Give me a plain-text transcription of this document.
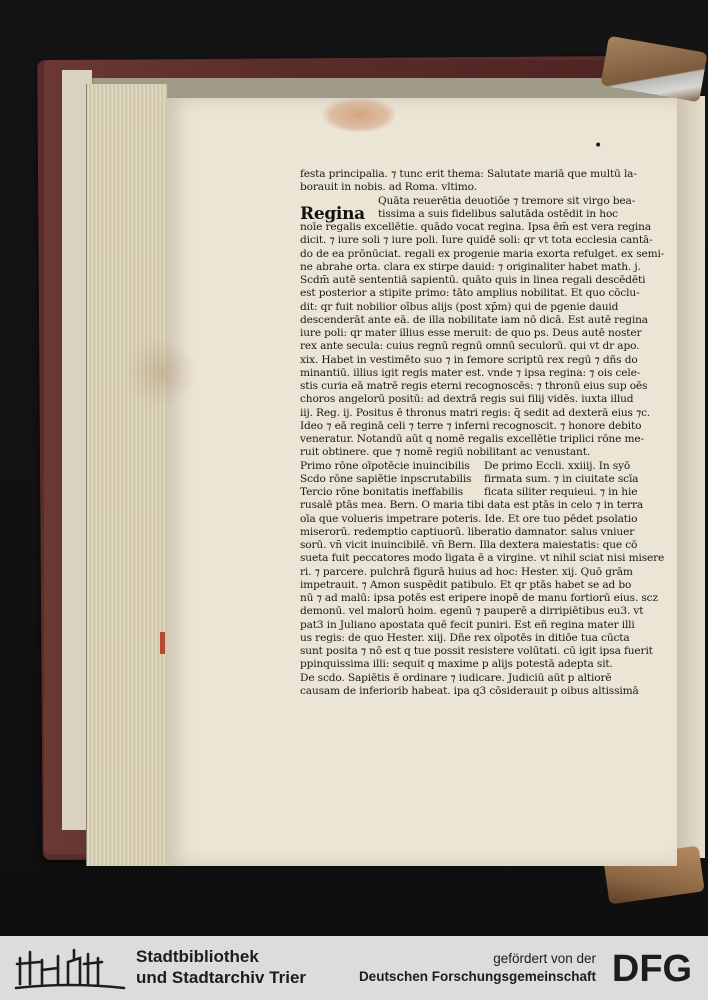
•
Regina
festa principalia. ⁊ tunc erit thema: Salutate mariā que multū la-
borauit in nobis. ad Roma. vltimo.
Quāta reuerētia deuotiōe ⁊ tremore sit virgo bea-
tissima a suis fidelibus salutāda ostēdit in hoc
noīe regalis excellētie. quādo vocat regina. Ipsa ēm̄ est vera regina
dicit. ⁊ iure soli ⁊ iure poli. Iure quidē soli: qr vt tota ecclesia cantā-
do de ea prōnūciat. regali ex progenie maria exorta refulget. ex semi-
ne abrahe orta. clara ex stirpe dauid: ⁊ originaliter habet math. j.
Scdm̄ autē sententiā sapientū. quāto quis in linea regali descēdēti
est posterior a stipite primo: tāto amplius nobilitat. Et quo cōclu-
dit: qr fuit nobilior oībus alijs (post xp̄m) qui de pgenie dauid
descenderāt ante eā. de illa nobilitate iam nō dicā. Est autē regina
iure poli: qr mater illius esse meruit: de quo ps. Deus autē noster
rex ante secula: cuius regnū regnū omnū seculorū. qui vt dr apo.
xix. Habet in vestimēto suo ⁊ in femore scriptū rex regū ⁊ dñs do
minantiū. illius igit regis mater est. vnde ⁊ ipsa regina: ⁊ ois cele-
stis curia eā matrē regis eterni recognoscēs: ⁊ thronū eius sup oēs
choros angelorū positū: ad dextrā regis sui filij vidēs. iuxta illud
iij. Reg. ij. Positus ē thronus matri regis: q̄ sedit ad dexterā eius ⁊c.
Ideo ⁊ eā reginā celi ⁊ terre ⁊ inferni recognoscit. ⁊ honore debito
veneratur. Notandū aūt q nomē regalis excellētie triplici rōne me-
ruit obtinere. que ⁊ nomē regiū nobilitant ac venustant.
Primo rōne oīpotēcie inuincibilis De primo Eccli. xxiiij. In syō
Scdo rōne sapiētie inpscrutabilis firmata sum. ⁊ in ciuitate scīa
Tercio rōne bonitatis ineffabilis ficata siliter requieui. ⁊ in hie
rusalē ptās mea. Bern. O maria tibi data est ptās in celo ⁊ in terra
oīa que volueris impetrare poteris. Ide. Et ore tuo pēdet psolatio
miserorū. redemptio captiuorū. liberatio damnator. salus vniuer
sorū. vn̄ vicit inuincibilē. vn̄ Bern. Illa dextera maiestatis: que cō
sueta fuit peccatores modo ligata ē a virgine. vt nihil sciat nisi misere
ri. ⁊ parcere. pulchrā figurā huius ad hoc: Hester. xij. Quō grām
impetrauit. ⁊ Amon suspēdit patibulo. Et qr ptās habet se ad bo
nū ⁊ ad malū: ipsa potēs est eripere inopē de manu fortiorū eius. scz
demonū. vel malorū hoim. egenū ⁊ pauperē a dirripiētibus eu3. vt
pat3 in Juliano apostata quē fecit puniri. Est eñ regina mater illi
us regis: de quo Hester. xiij. Dñe rex oīpotēs in ditiōe tua cūcta
sunt posita ⁊ nō est q tue possit resistere volūtati. cū igit ipsa fuerit
ppinquissima illi: sequit q maxime p alijs potestā adepta sit.
De scdo. Sapiētis ē ordinare ⁊ iudicare. Judiciū aūt p altiorē
causam de inferiorib habeat. ipa q3 cōsiderauit p oibus altissimā
Stadtbibliothek
und Stadtarchiv Trier
gefördert von der
Deutschen Forschungsgemeinschaft DFG
